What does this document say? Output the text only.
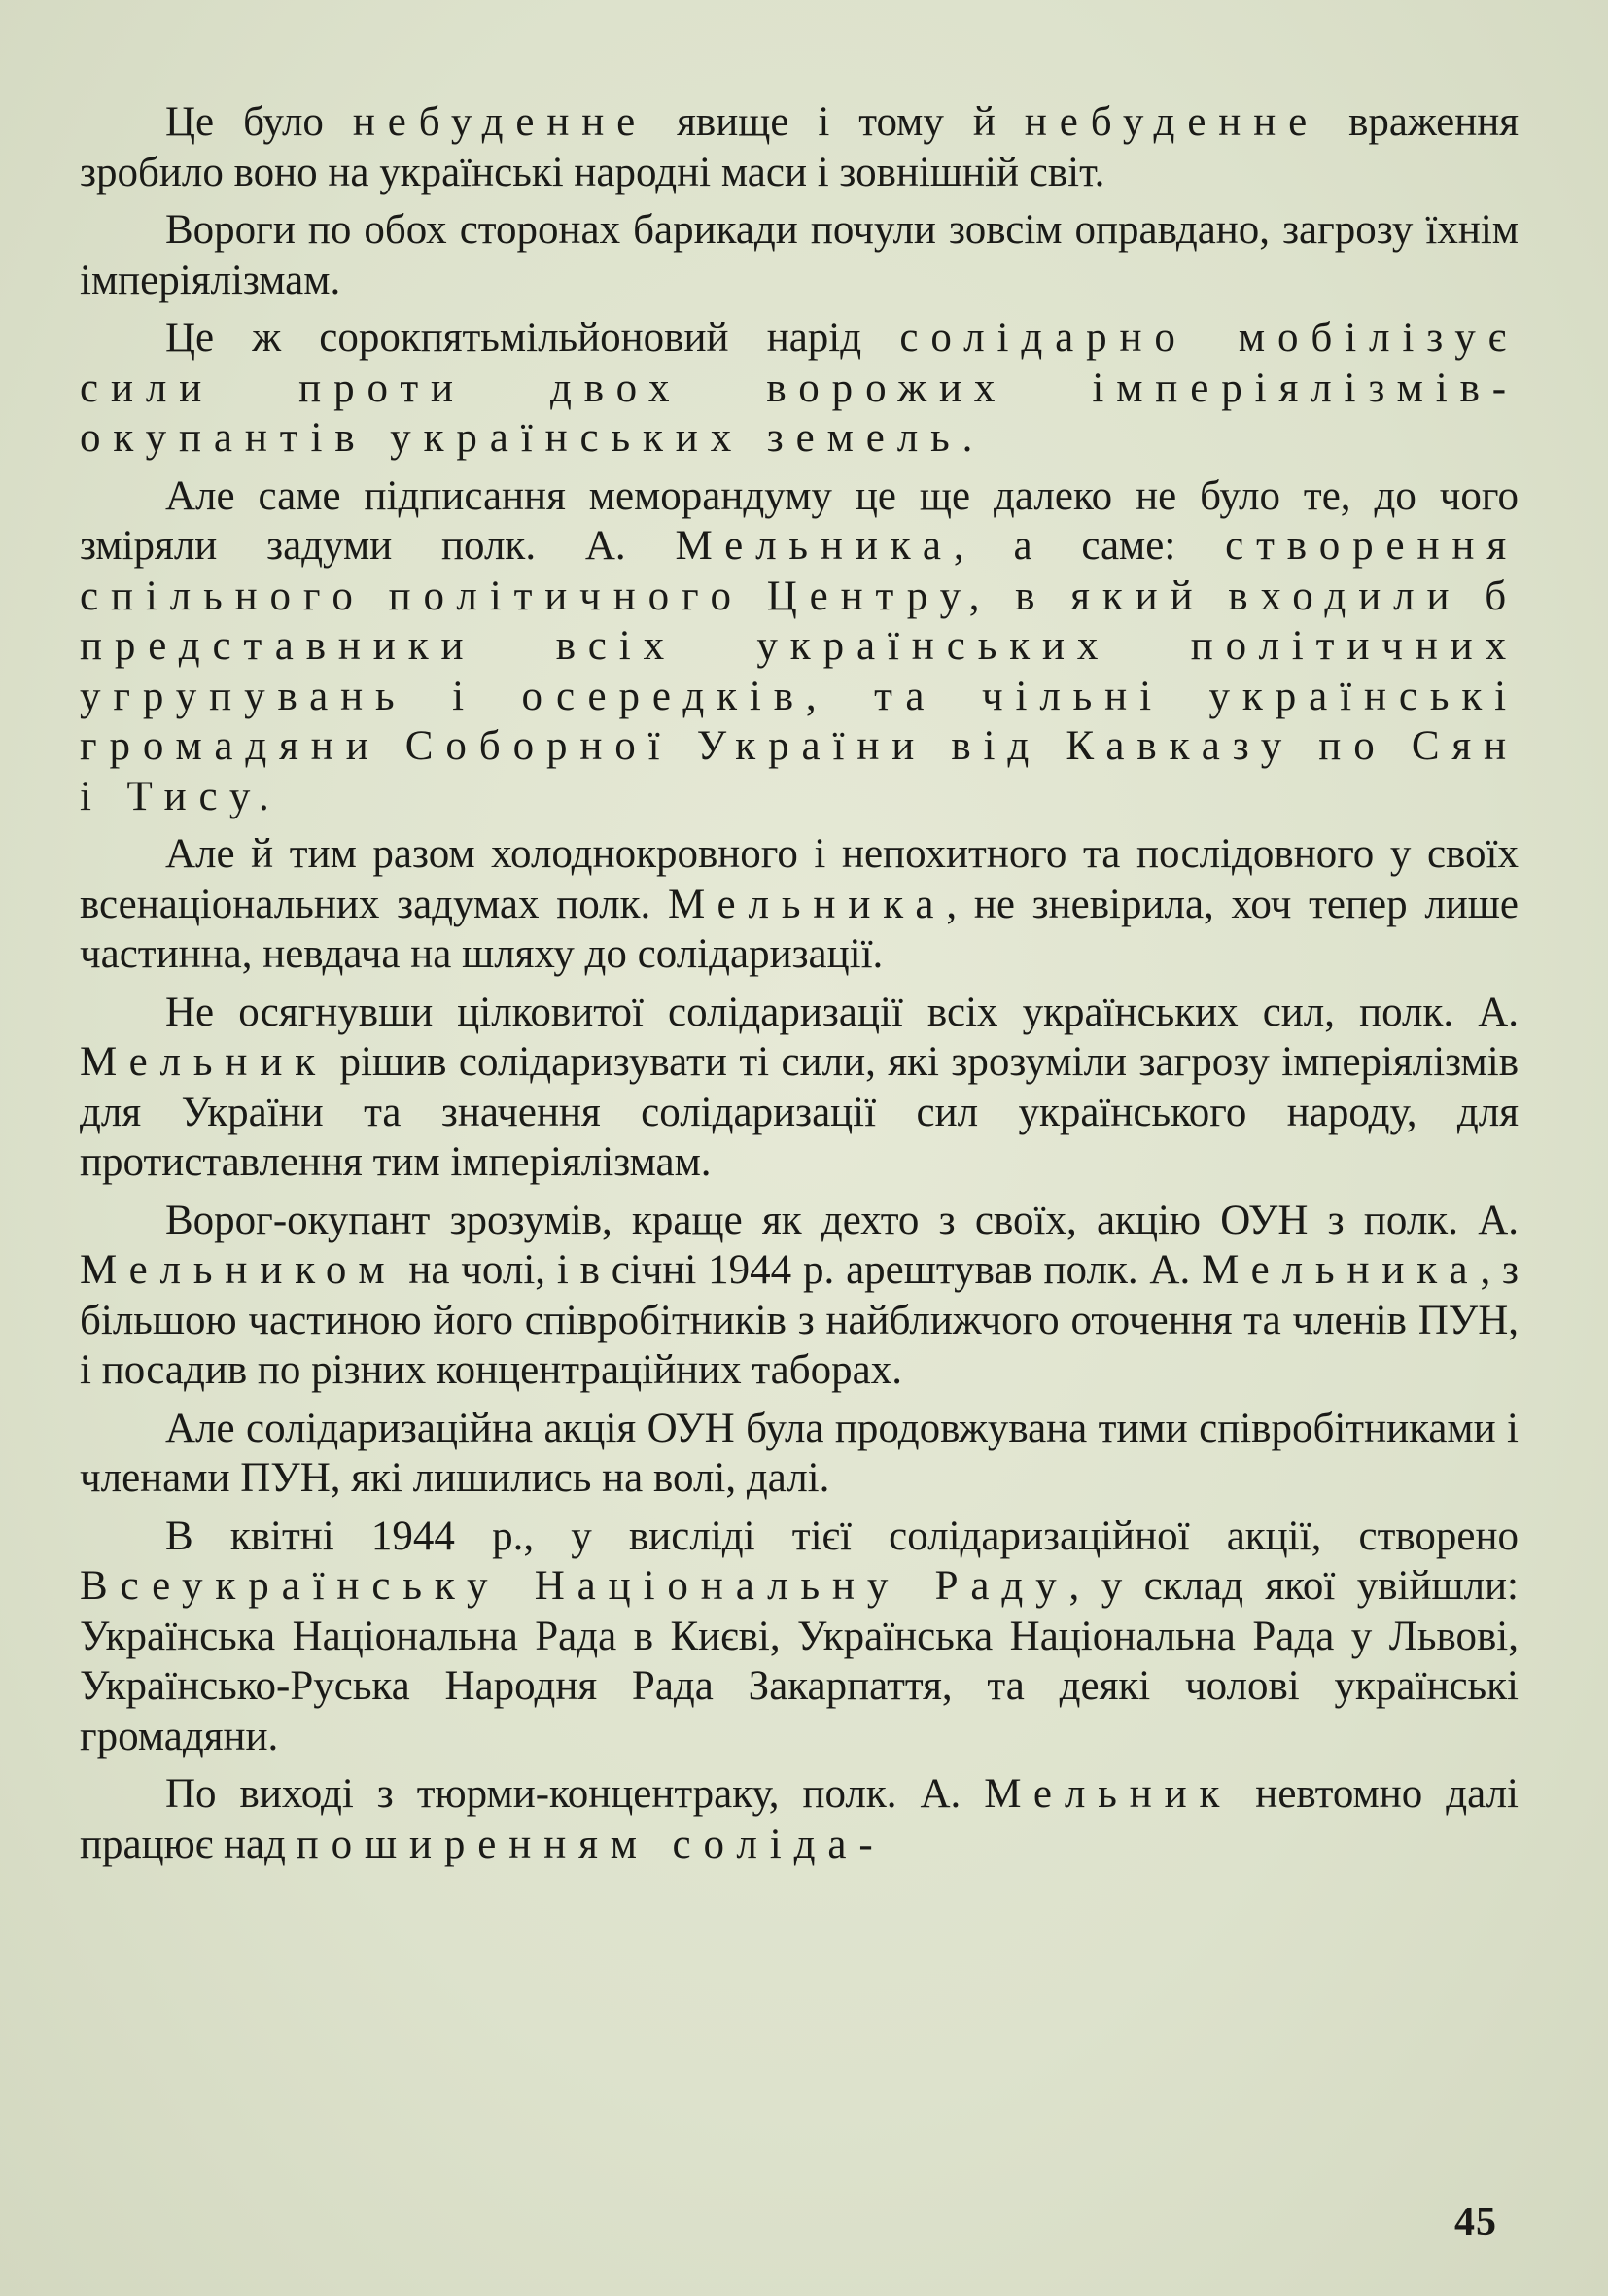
Це було небуденне явище і тому й небуденне враження зробило воно на українські народні маси і зовнішній світ.

Вороги по обох сторонах барикади почули зовсім оправдано, загрозу їхнім імперіялізмам.

Це ж сорокпятьмільйоновий нарід солідарно мобілізує сили проти двох ворожих імперіялізмів-окупантів українських земель.

Але саме підписання меморандуму це ще далеко не було те, до чого зміряли задуми полк. А. Мельника, а саме: створення спільного політичного Центру, в який входили б представники всіх українських політичних угрупувань і осередків, та чільні українські громадяни Соборної України від Кавказу по Сян і Тису.

Але й тим разом холоднокровного і непохитного та послідовного у своїх всенаціональних задумах полк. Мельника, не зневірила, хоч тепер лише частинна, невдача на шляху до солідаризації.

Не осягнувши цілковитої солідаризації всіх українських сил, полк. А. Мельник рішив солідаризувати ті сили, які зрозуміли загрозу імперіялізмів для України та значення солідаризації сил українського народу, для протиставлення тим імперіялізмам.

Ворог-окупант зрозумів, краще як дехто з своїх, акцію ОУН з полк. А. Мельником на чолі, і в січні 1944 р. арештував полк. А. Мельника, з більшою частиною його співробітників з найближчого оточення та членів ПУН, і посадив по різних концентраційних таборах.

Але солідаризаційна акція ОУН була продовжувана тими співробітниками і членами ПУН, які лишились на волі, далі.

В квітні 1944 р., у висліді тієї солідаризаційної акції, створено Всеукраїнську Національну Раду, у склад якої увійшли: Українська Національна Рада в Києві, Українська Національна Рада у Львові, Українсько-Руська Народня Рада Закарпаття, та деякі чолові українські громадяни.

По виході з тюрми-концентраку, полк. А. Мельник невтомно далі працює над поширенням соліда-

45
